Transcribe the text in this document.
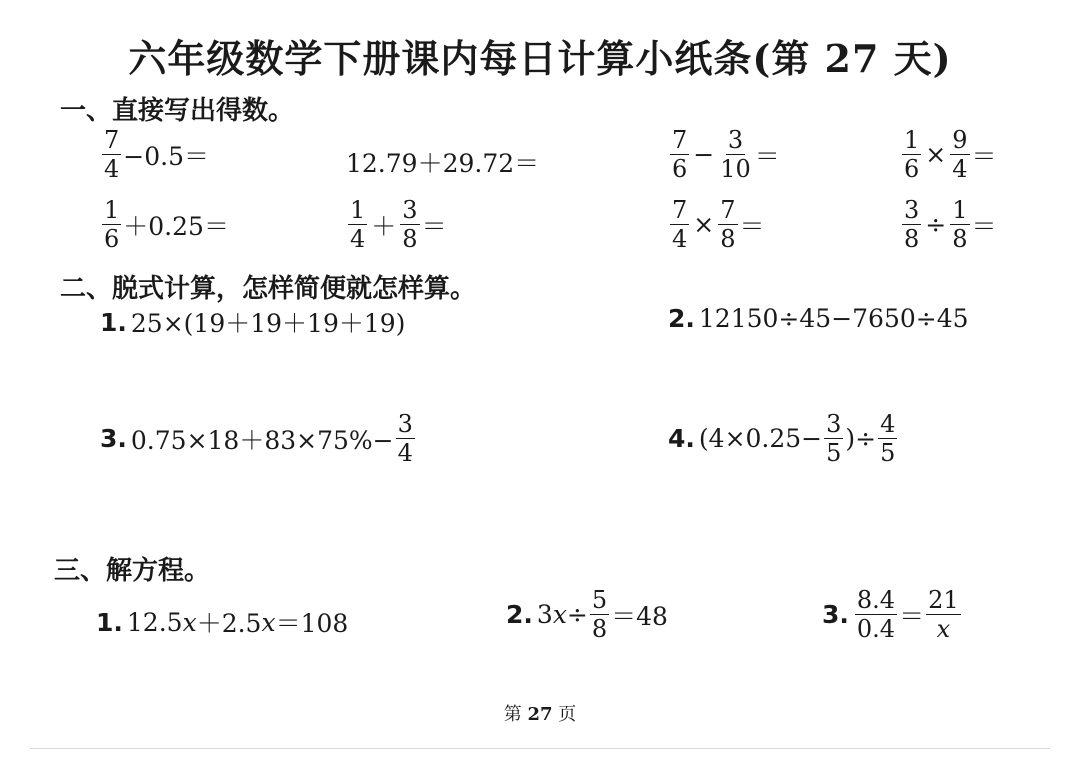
六年级数学下册课内每日计算小纸条(第 27 天)
一、直接写出得数。
$\frac{7}{4} -0.5=$	12.79＋29.72＝	$\frac{7}{6} - \frac{3}{10}$ ＝	$\frac{1}{6} \times \frac{9}{4}$ ＝
$\frac{1}{6} +0.25=$	$\frac{1}{4} + \frac{3}{8}$ ＝	$\frac{7}{4} \times \frac{7}{8}$ ＝	$\frac{3}{8} \div \frac{1}{8}$ ＝
二、脱式计算，怎样简便就怎样算。
1. 25×(19＋19＋19＋19)	2. 12150÷45−7650÷45
3. $0.75\times 18+83\times 75\%- \frac{3}{4}$	4. ($4\times 0.25- \frac{3}{5}$ )÷ $\frac{4}{5}$
三、解方程。
1. 12.5 x ＋2.5 x ＝108	2. 3 $x \div \frac{5}{8} =48$	3. $\frac{8.4}{0.4} = \frac{21}{x}$
第 27 页
